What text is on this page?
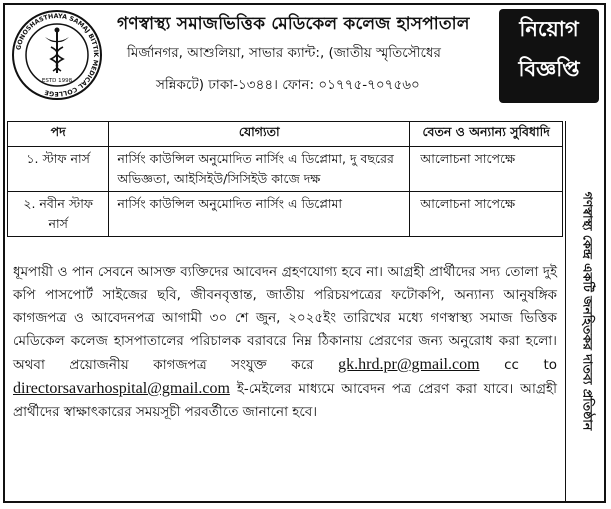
GONOSHASTHAYA SAMAJ BITTIK MEDICAL COLLEGE
ESTD 1998
গণস্বাস্থ্য সমাজভিত্তিক মেডিকেল কলেজ হাসপাতাল
মির্জানগর, আশুলিয়া, সাভার ক্যান্ট:, (জাতীয় স্মৃতিসৌধের
সন্নিকটে) ঢাকা-১৩৪৪। ফোন: ০১৭৭৫-৭০৭৫৬০
নিয়োগ
বিজ্ঞপ্তি
পদ	যোগ্যতা	বেতন ও অন্যান্য সুবিধাদি
১. স্টাফ নার্স	নার্সিং কাউন্সিল অনুমোদিত নার্সিং এ ডিপ্লোমা, দু বছরের অভিজ্ঞতা, আইসিইউ/সিসিইউ কাজে দক্ষ	আলোচনা সাপেক্ষে
২. নবীন স্টাফ নার্স	নার্সিং কাউন্সিল অনুমোদিত নার্সিং এ ডিপ্লোমা	আলোচনা সাপেক্ষে

ধূমপায়ী ও পান সেবনে আসক্ত ব্যক্তিদের আবেদন গ্রহণযোগ্য হবে না। আগ্রহী প্রার্থীদের সদ্য তোলা দুই কপি পাসপোর্ট সাইজের ছবি, জীবনবৃত্তান্ত, জাতীয় পরিচয়পত্রের ফটোকপি, অন্যান্য আনুষঙ্গিক কাগজপত্র ও আবেদনপত্র আগামী ৩০ শে জুন, ২০২৫ইং তারিখের মধ্যে গণস্বাস্থ্য সমাজ ভিত্তিক মেডিকেল কলেজ হাসপাতালের পরিচালক বরাবরে নিম্ন ঠিকানায় প্রেরণের জন্য অনুরোধ করা হলো। অথবা প্রয়োজনীয় কাগজপত্র সংযুক্ত করে gk.hrd.pr@gmail.com cc to directorsavarhospital@gmail.com ই-মেইলের মাধ্যমে আবেদন পত্র প্রেরণ করা যাবে। আগ্রহী প্রার্থীদের স্বাক্ষাৎকারের সময়সূচী পরবর্তীতে জানানো হবে।	গণস্বাস্থ্য কেন্দ্র একটি জনহিতকর দাতব্য প্রতিষ্ঠান
